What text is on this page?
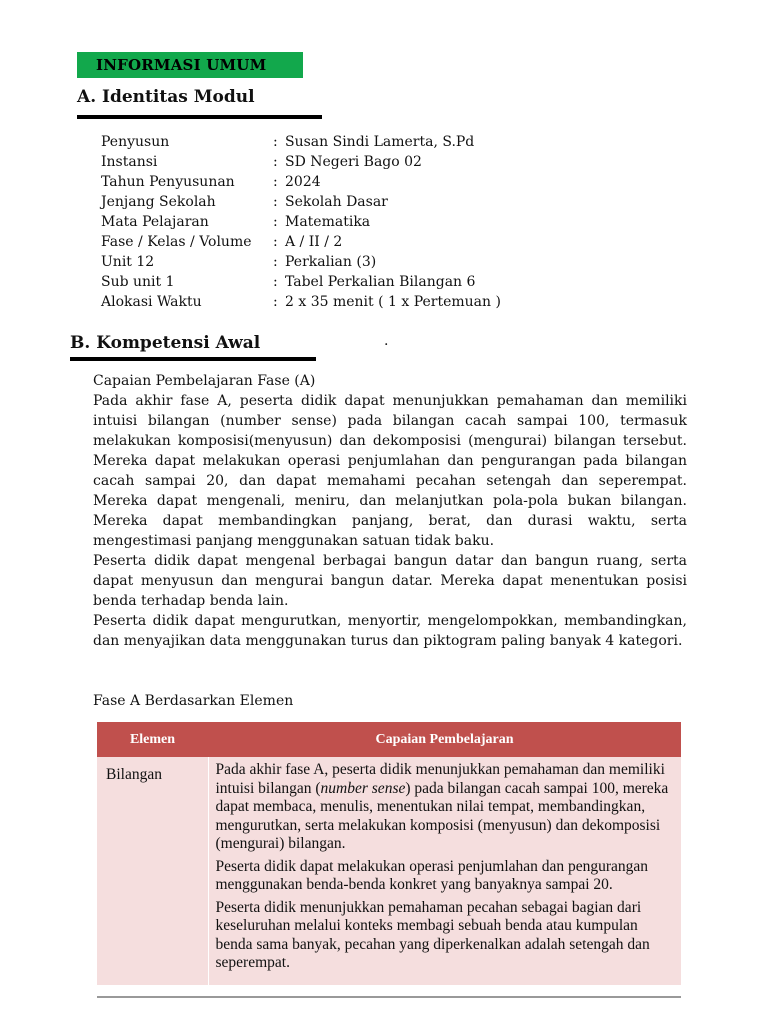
INFORMASI UMUM
A. Identitas Modul
Penyusun	: Susan Sindi Lamerta, S.Pd
Instansi	: SD Negeri Bago 02
Tahun Penyusunan	: 2024
Jenjang Sekolah	: Sekolah Dasar
Mata Pelajaran	: Matematika
Fase / Kelas / Volume	: A / II / 2
Unit 12	: Perkalian (3)
Sub unit 1	: Tabel Perkalian Bilangan 6
Alokasi Waktu	: 2 x 35 menit ( 1 x Pertemuan )
B. Kompetensi Awal	.

Capaian Pembelajaran Fase (A)

Pada akhir fase A, peserta didik dapat menunjukkan pemahaman dan memiliki intuisi bilangan (number sense) pada bilangan cacah sampai 100, termasuk melakukan komposisi(menyusun) dan dekomposisi (mengurai) bilangan tersebut. Mereka dapat melakukan operasi penjumlahan dan pengurangan pada bilangan cacah sampai 20, dan dapat memahami pecahan setengah dan seperempat. Mereka dapat mengenali, meniru, dan melanjutkan pola-pola bukan bilangan. Mereka dapat membandingkan panjang, berat, dan durasi waktu, serta mengestimasi panjang menggunakan satuan tidak baku.

Peserta didik dapat mengenal berbagai bangun datar dan bangun ruang, serta dapat menyusun dan mengurai bangun datar. Mereka dapat menentukan posisi benda terhadap benda lain.

Peserta didik dapat mengurutkan, menyortir, mengelompokkan, membandingkan, dan menyajikan data menggunakan turus dan piktogram paling banyak 4 kategori.

Fase A Berdasarkan Elemen
Elemen	Capaian Pembelajaran
Bilangan	Pada akhir fase A, peserta didik menunjukkan pemahaman dan memiliki intuisi bilangan (number sense) pada bilangan cacah sampai 100, mereka dapat membaca, menulis, menentukan nilai tempat, membandingkan, mengurutkan, serta melakukan komposisi (menyusun) dan dekomposisi (mengurai) bilangan.

Peserta didik dapat melakukan operasi penjumlahan dan pengurangan menggunakan benda-benda konkret yang banyaknya sampai 20.

Peserta didik menunjukkan pemahaman pecahan sebagai bagian dari keseluruhan melalui konteks membagi sebuah benda atau kumpulan benda sama banyak, pecahan yang diperkenalkan adalah setengah dan seperempat.
